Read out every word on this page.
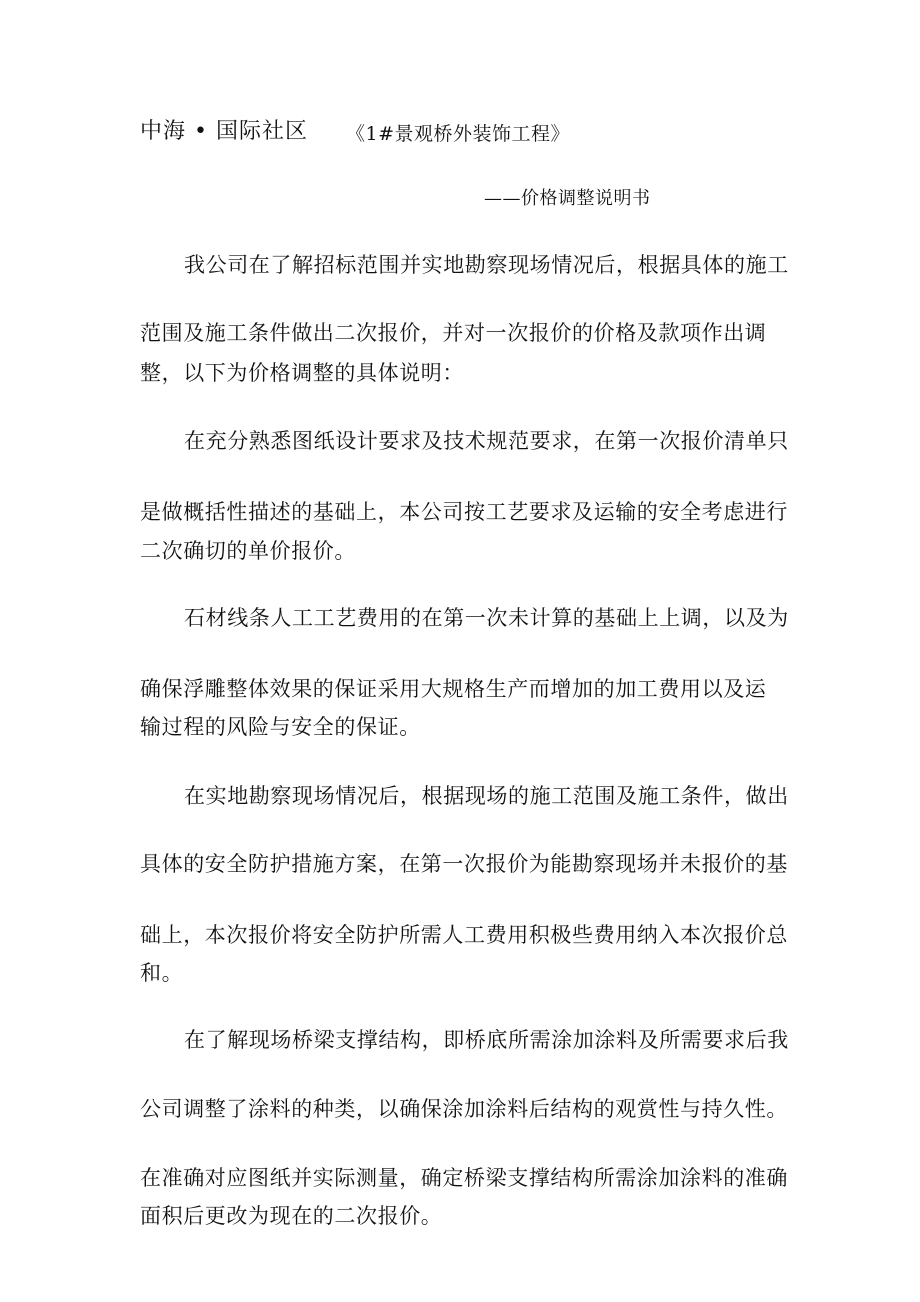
中海 • 国际社区 《1#景观桥外装饰工程》
——价格调整说明书
我公司在了解招标范围并实地勘察现场情况后，根据具体的施工
范围及施工条件做出二次报价，并对一次报价的价格及款项作出调
整，以下为价格调整的具体说明：
在充分熟悉图纸设计要求及技术规范要求，在第一次报价清单只
是做概括性描述的基础上，本公司按工艺要求及运输的安全考虑进行
二次确切的单价报价。
石材线条人工工艺费用的在第一次未计算的基础上上调，以及为
确保浮雕整体效果的保证采用大规格生产而增加的加工费用以及运
输过程的风险与安全的保证。
在实地勘察现场情况后，根据现场的施工范围及施工条件，做出
具体的安全防护措施方案，在第一次报价为能勘察现场并未报价的基
础上，本次报价将安全防护所需人工费用积极些费用纳入本次报价总
和。
在了解现场桥梁支撑结构，即桥底所需涂加涂料及所需要求后我
公司调整了涂料的种类，以确保涂加涂料后结构的观赏性与持久性。
在准确对应图纸并实际测量，确定桥梁支撑结构所需涂加涂料的准确
面积后更改为现在的二次报价。
